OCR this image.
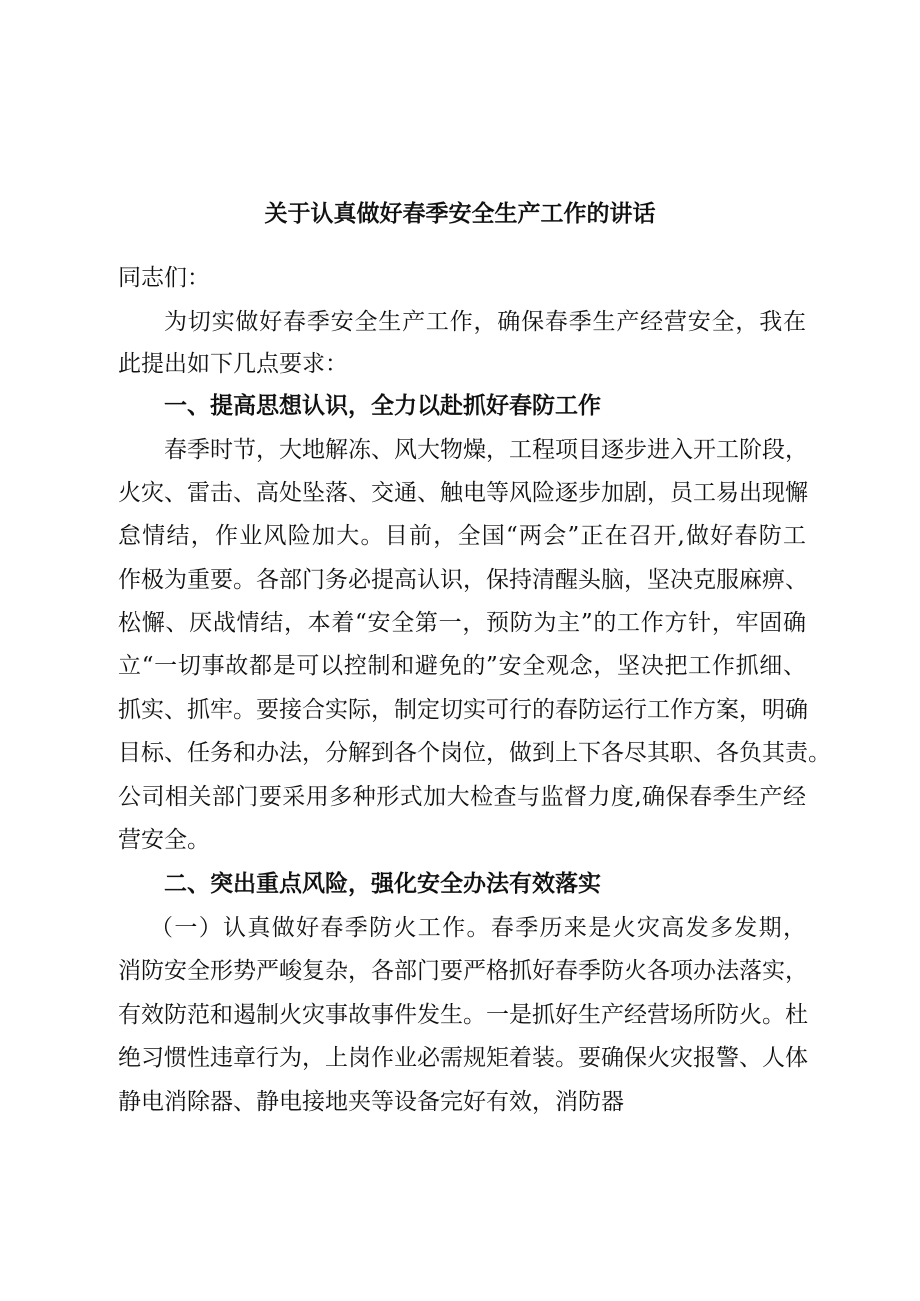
关于认真做好春季安全生产工作的讲话

同志们：

为切实做好春季安全生产工作，确保春季生产经营安全，我在

此提出如下几点要求：

一、提高思想认识，全力以赴抓好春防工作

春季时节，大地解冻、风大物燥，工程项目逐步进入开工阶段，

火灾、雷击、高处坠落、交通、触电等风险逐步加剧，员工易出现懈

怠情结，作业风险加大。目前，全国“两会”正在召开,做好春防工

作极为重要。各部门务必提高认识，保持清醒头脑，坚决克服麻痹、

松懈、厌战情结，本着“安全第一，预防为主”的工作方针，牢固确

立“一切事故都是可以控制和避免的”安全观念，坚决把工作抓细、

抓实、抓牢。要接合实际，制定切实可行的春防运行工作方案，明确

目标、任务和办法，分解到各个岗位，做到上下各尽其职、各负其责。

公司相关部门要采用多种形式加大检查与监督力度,确保春季生产经

营安全。

二、突出重点风险，强化安全办法有效落实

（一）认真做好春季防火工作。春季历来是火灾高发多发期，

消防安全形势严峻复杂，各部门要严格抓好春季防火各项办法落实，

有效防范和遏制火灾事故事件发生。一是抓好生产经营场所防火。杜

绝习惯性违章行为，上岗作业必需规矩着装。要确保火灾报警、人体

静电消除器、静电接地夹等设备完好有效，消防器
